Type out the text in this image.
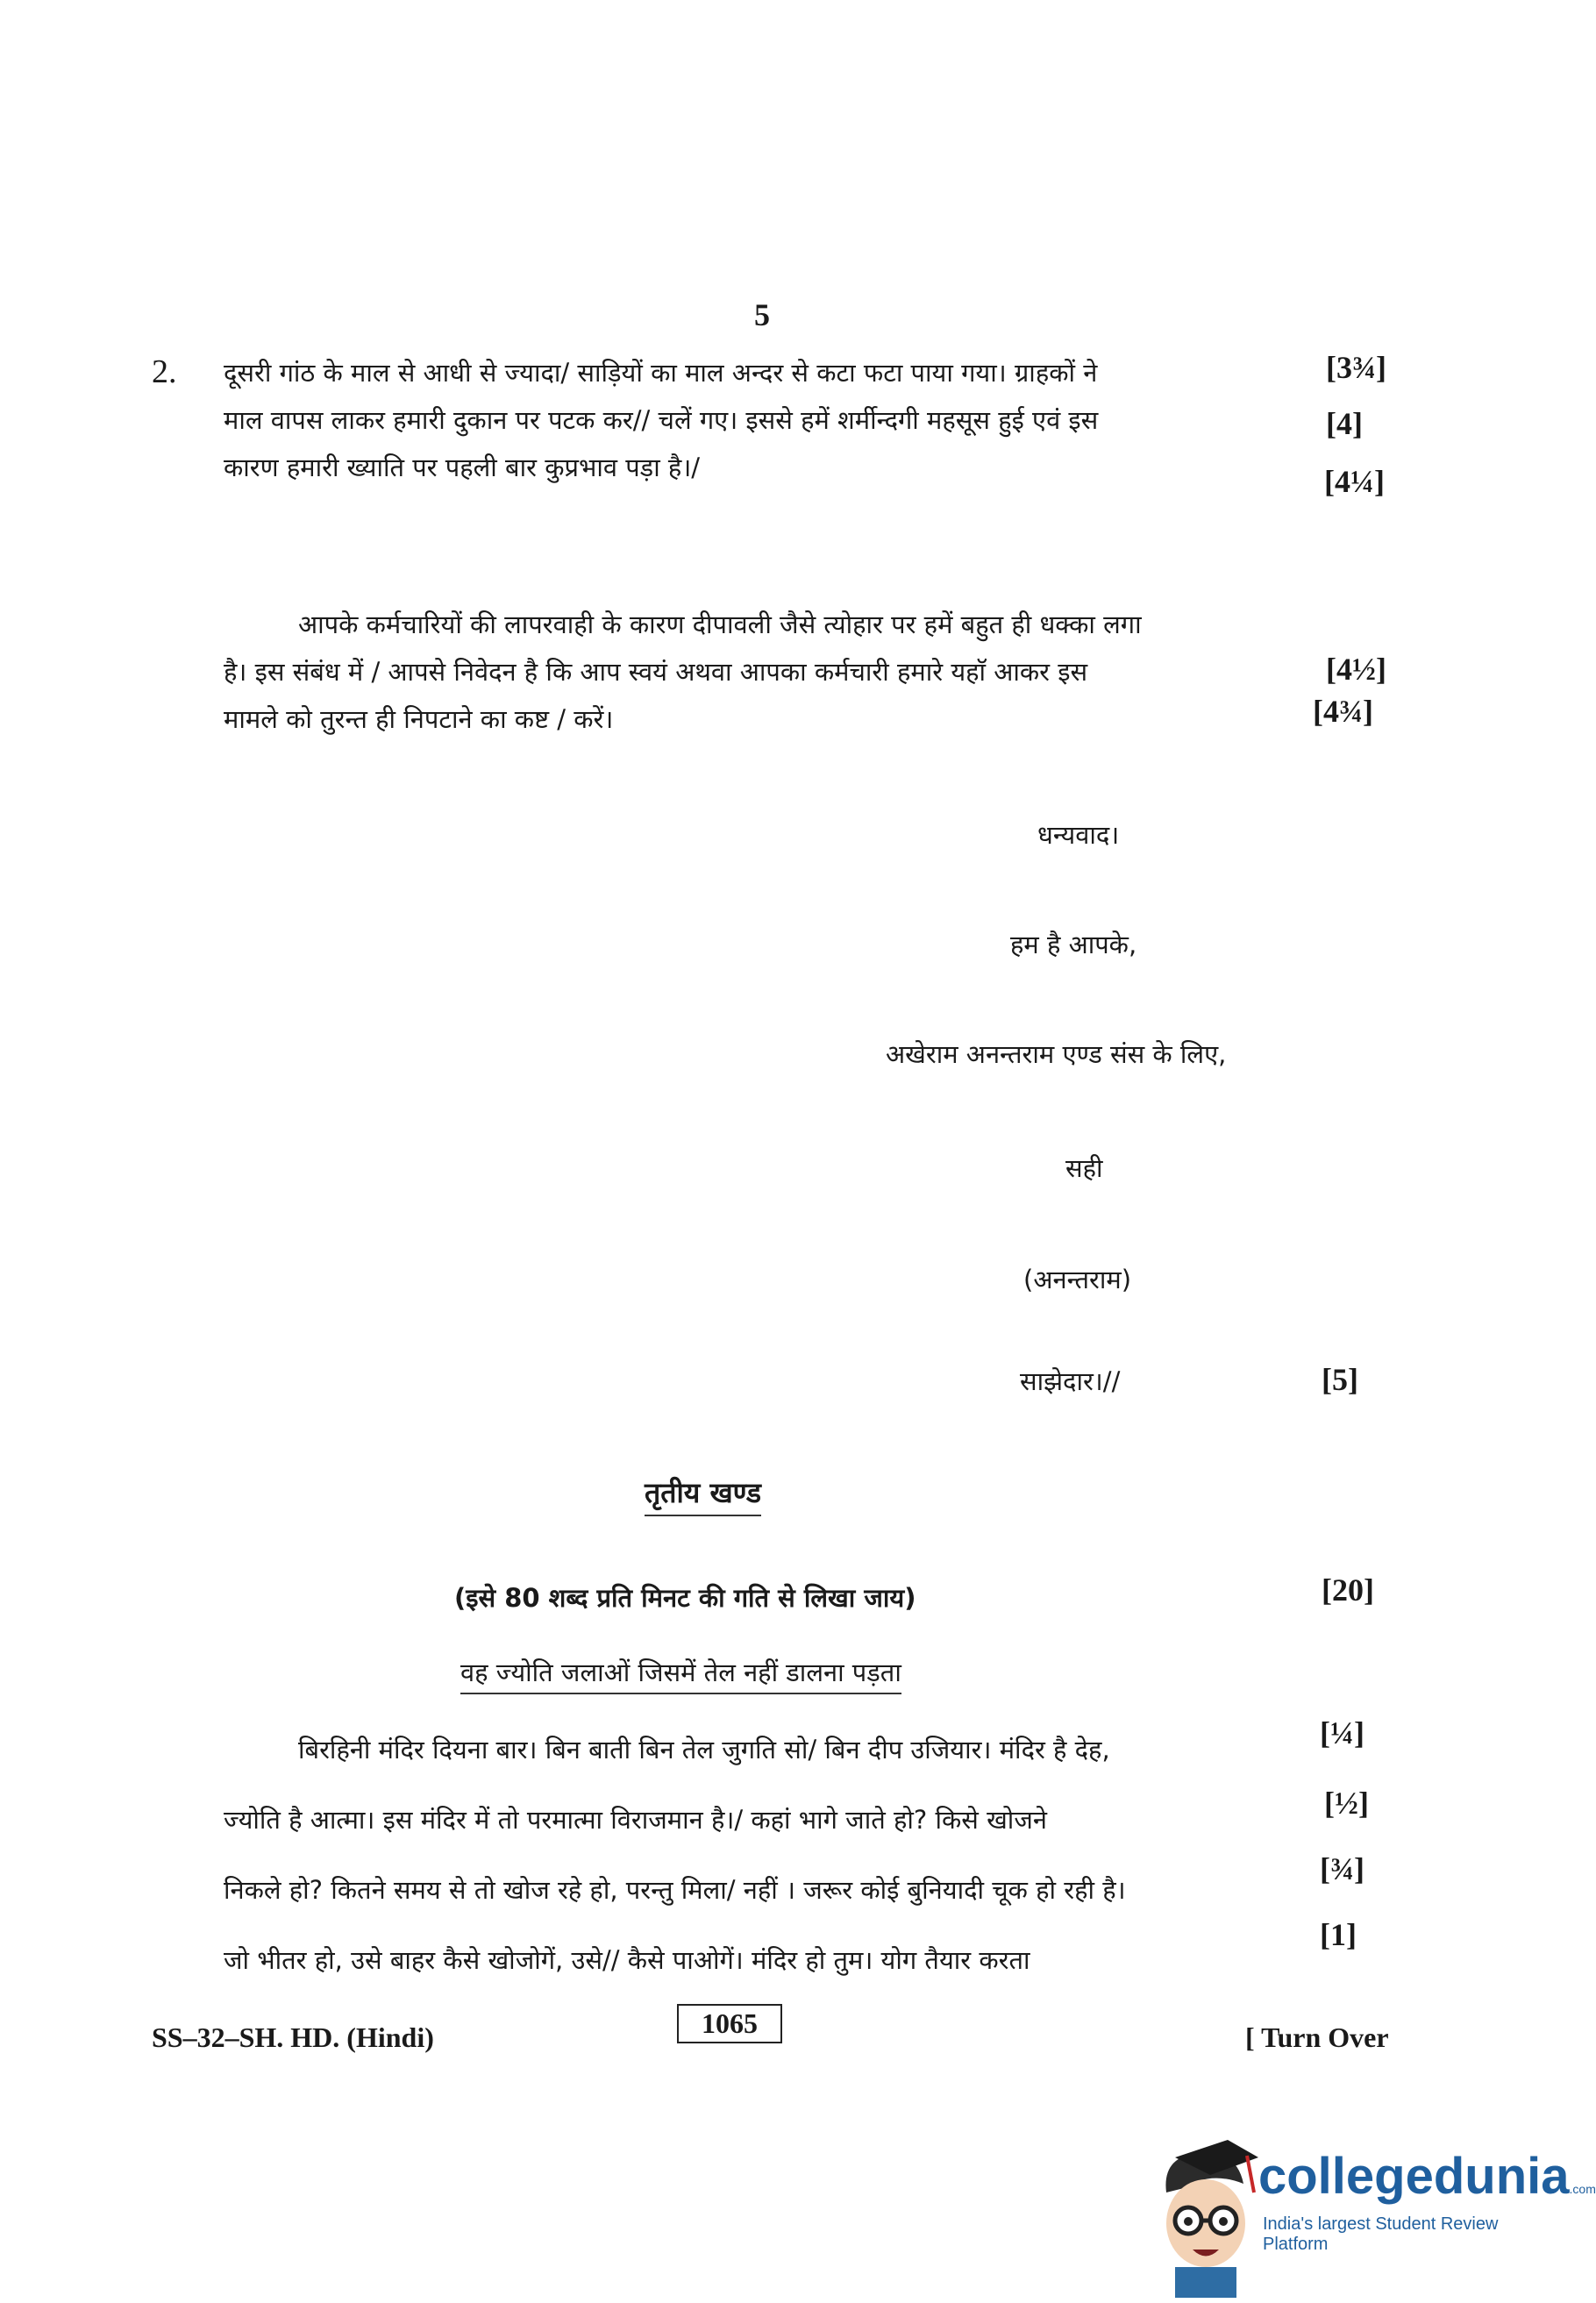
5
2. दूसरी गांठ के माल से आधी से ज्यादा/ साड़ियों का माल अन्दर से कटा फटा पाया गया। ग्राहकों ने
माल वापस लाकर हमारी दुकान पर पटक कर// चलें गए। इससे हमें शर्मीन्दगी महसूस हुई एवं इस
कारण हमारी ख्याति पर पहली बार कुप्रभाव पड़ा है।/
[3¾]
[4]
[4¼]
आपके कर्मचारियों की लापरवाही के कारण दीपावली जैसे त्योहार पर हमें बहुत ही धक्का लगा
है। इस संबंध में / आपसे निवेदन है कि आप स्वयं अथवा आपका कर्मचारी हमारे यहाॅ आकर इस
मामले को तुरन्त ही निपटाने का कष्ट / करें।
[4½]
[4¾]
धन्यवाद।
हम है आपके,
अखेराम अनन्तराम एण्ड संस के लिए,
सही
(अनन्तराम)
साझेदार।//	[5]
तृतीय खण्ड
(इसे 80 शब्द प्रति मिनट की गति से लिखा जाय)	[20]
वह ज्योति जलाओं जिसमें तेल नहीं डालना पड़ता
बिरहिनी मंदिर दियना बार। बिन बाती बिन तेल जुगति सो/ बिन दीप उजियार। मंदिर है देह,
ज्योति है आत्मा। इस मंदिर में तो परमात्मा विराजमान है।/ कहां भागे जाते हो? किसे खोजने
निकले हो? कितने समय से तो खोज रहे हो, परन्तु मिला/ नहीं । जरूर कोई बुनियादी चूक हो रही है।
जो भीतर हो, उसे बाहर कैसे खोजोगें, उसे// कैसे पाओगें। मंदिर हो तुम। योग तैयार करता
[¼]
[½]
[¾]
[1]
SS–32–SH. HD. (Hindi)	1065	[ Turn Over
collegedunia.com
India's largest Student Review Platform
